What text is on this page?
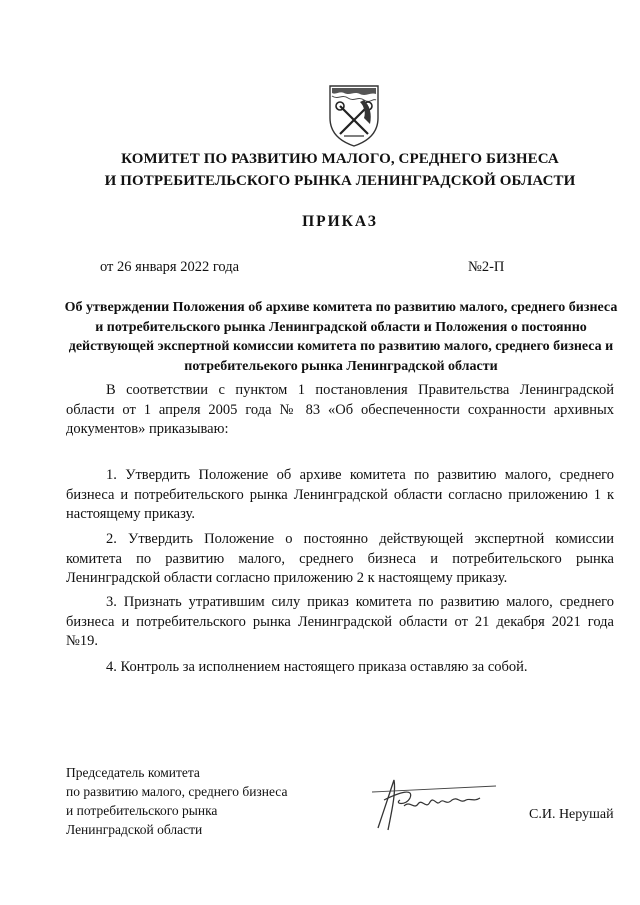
КОМИТЕТ ПО РАЗВИТИЮ МАЛОГО, СРЕДНЕГО БИЗНЕСА
И ПОТРЕБИТЕЛЬСКОГО РЫНКА ЛЕНИНГРАДСКОЙ ОБЛАСТИ
ПРИКАЗ
от 26 января 2022 года	№2-П
Об утверждении Положения об архиве комитета по развитию малого, среднего бизнеса и потребительского рынка Ленинградской области и Положения о постоянно действующей экспертной комиссии комитета по развитию малого, среднего бизнеса и потребительекого рынка Ленинградской области
В соответствии с пунктом 1 постановления Правительства Ленинградской области от 1 апреля 2005 года № 83 «Об обеспеченности сохранности архивных документов» приказываю:
1. Утвердить Положение об архиве комитета по развитию малого, среднего бизнеса и потребительского рынка Ленинградской области согласно приложению 1 к настоящему приказу.
2. Утвердить Положение о постоянно действующей экспертной комиссии комитета по развитию малого, среднего бизнеса и потребительского рынка Ленинградской области согласно приложению 2 к настоящему приказу.
3. Признать утратившим силу приказ комитета по развитию малого, среднего бизнеса и потребительского рынка Ленинградской области от 21 декабря 2021 года №19.
4. Контроль за исполнением настоящего приказа оставляю за собой.
Председатель комитета
по развитию малого, среднего бизнеса
и потребительского рынка
Ленинградской области
С.И. Нерушай
